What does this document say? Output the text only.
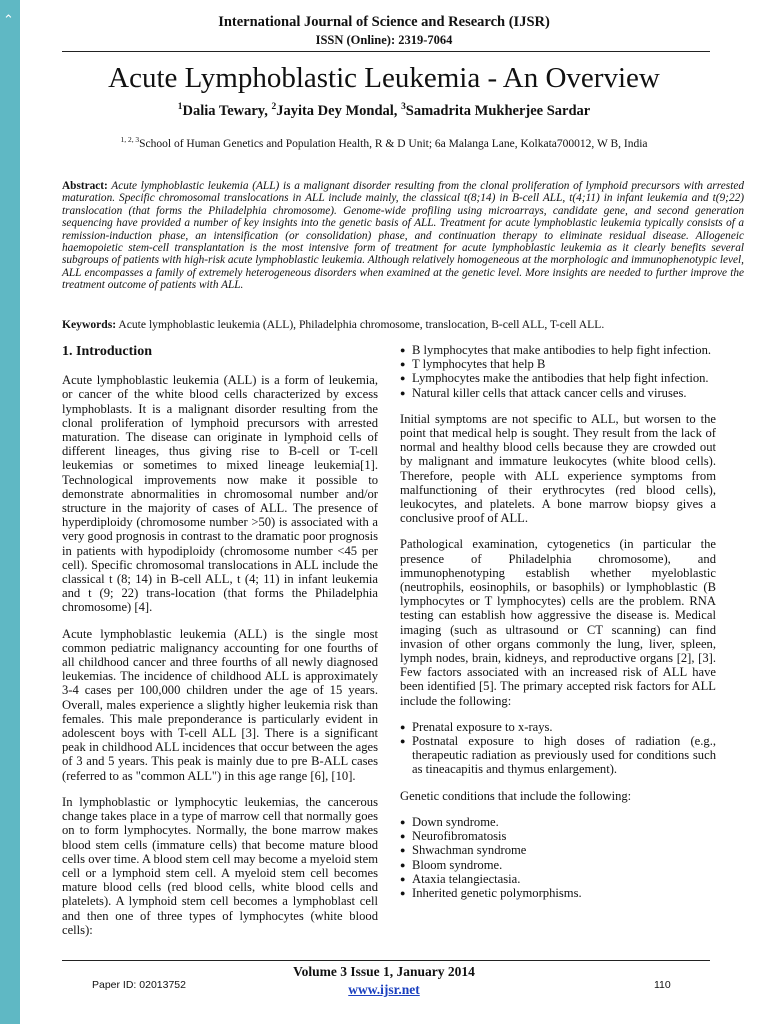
⌃	International Journal of Science and Research (IJSR)
ISSN (Online): 2319-7064
Acute Lymphoblastic Leukemia - An Overview
$^1$Dalia Tewary, $^2$Jayita Dey Mondal, $^3$Samadrita Mukherjee Sardar
$^{1, 2, 3}$School of Human Genetics and Population Health, R & D Unit; 6a Malanga Lane, Kolkata700012, W B, India
Abstract: Acute lymphoblastic leukemia (ALL) is a malignant disorder resulting from the clonal proliferation of lymphoid precursors with arrested maturation. Specific chromosomal translocations in ALL include mainly, the classical t(8;14) in B-cell ALL, t(4;11) in infant leukemia and t(9;22) translocation (that forms the Philadelphia chromosome). Genome-wide profiling using microarrays, candidate gene, and second generation sequencing have provided a number of key insights into the genetic basis of ALL. Treatment for acute lymphoblastic leukemia typically consists of a remission-induction phase, an intensification (or consolidation) phase, and continuation therapy to eliminate residual disease. Allogeneic haemopoietic stem-cell transplantation is the most intensive form of treatment for acute lymphoblastic leukemia as it clearly benefits several subgroups of patients with high-risk acute lymphoblastic leukemia. Although relatively homogeneous at the morphologic and immunophenotypic level, ALL encompasses a family of extremely heterogeneous disorders when examined at the genetic level. More insights are needed to further improve the treatment outcome of patients with ALL.
Keywords: Acute lymphoblastic leukemia (ALL), Philadelphia chromosome, translocation, B-cell ALL, T-cell ALL.
1. Introduction

Acute lymphoblastic leukemia (ALL) is a form of leukemia, or cancer of the white blood cells characterized by excess lymphoblasts. It is a malignant disorder resulting from the clonal proliferation of lymphoid precursors with arrested maturation. The disease can originate in lymphoid cells of different lineages, thus giving rise to B-cell or T-cell leukemias or sometimes to mixed lineage leukemia[1]. Technological improvements now make it possible to demonstrate abnormalities in chromosomal number and/or structure in the majority of cases of ALL. The presence of hyperdiploidy (chromosome number >50) is associated with a very good prognosis in contrast to the dramatic poor prognosis in patients with hypodiploidy (chromosome number <45 per cell). Specific chromosomal translocations in ALL include the classical t (8; 14) in B-cell ALL, t (4; 11) in infant leukemia and t (9; 22) trans-location (that forms the Philadelphia chromosome) [4].

Acute lymphoblastic leukemia (ALL) is the single most common pediatric malignancy accounting for one fourths of all childhood cancer and three fourths of all newly diagnosed leukemias. The incidence of childhood ALL is approximately 3-4 cases per 100,000 children under the age of 15 years. Overall, males experience a slightly higher leukemia risk than females. This male preponderance is particularly evident in adolescent boys with T-cell ALL [3]. There is a significant peak in childhood ALL incidences that occur between the ages of 3 and 5 years. This peak is mainly due to pre B-ALL cases (referred to as "common ALL") in this age range [6], [10].

In lymphoblastic or lymphocytic leukemias, the cancerous change takes place in a type of marrow cell that normally goes on to form lymphocytes. Normally, the bone marrow makes blood stem cells (immature cells) that become mature blood cells over time. A blood stem cell may become a myeloid stem cell or a lymphoid stem cell. A myeloid stem cell becomes mature blood cells (red blood cells, white blood cells and platelets). A lymphoid stem cell becomes a lymphoblast cell and then one of three types of lymphocytes (white blood cells):

● B lymphocytes that make antibodies to help fight infection.
● T lymphocytes that help B
● Lymphocytes make the antibodies that help fight infection.
● Natural killer cells that attack cancer cells and viruses.

Initial symptoms are not specific to ALL, but worsen to the point that medical help is sought. They result from the lack of normal and healthy blood cells because they are crowded out by malignant and immature leukocytes (white blood cells). Therefore, people with ALL experience symptoms from malfunctioning of their erythrocytes (red blood cells), leukocytes, and platelets. A bone marrow biopsy gives a conclusive proof of ALL.

Pathological examination, cytogenetics (in particular the presence of Philadelphia chromosome), and immunophenotyping establish whether myeloblastic (neutrophils, eosinophils, or basophils) or lymphoblastic (B lymphocytes or T lymphocytes) cells are the problem. RNA testing can establish how aggressive the disease is. Medical imaging (such as ultrasound or CT scanning) can find invasion of other organs commonly the lung, liver, spleen, lymph nodes, brain, kidneys, and reproductive organs [2], [3]. Few factors associated with an increased risk of ALL have been identified [5]. The primary accepted risk factors for ALL include the following:

● Prenatal exposure to x-rays.
● Postnatal exposure to high doses of radiation (e.g., therapeutic radiation as previously used for conditions such as tineacapitis and thymus enlargement).

Genetic conditions that include the following:

● Down syndrome.
● Neurofibromatosis
● Shwachman syndrome
● Bloom syndrome.
● Ataxia telangiectasia.
● Inherited genetic polymorphisms.
Volume 3 Issue 1, January 2014
www.ijsr.net
Paper ID: 02013752	110
